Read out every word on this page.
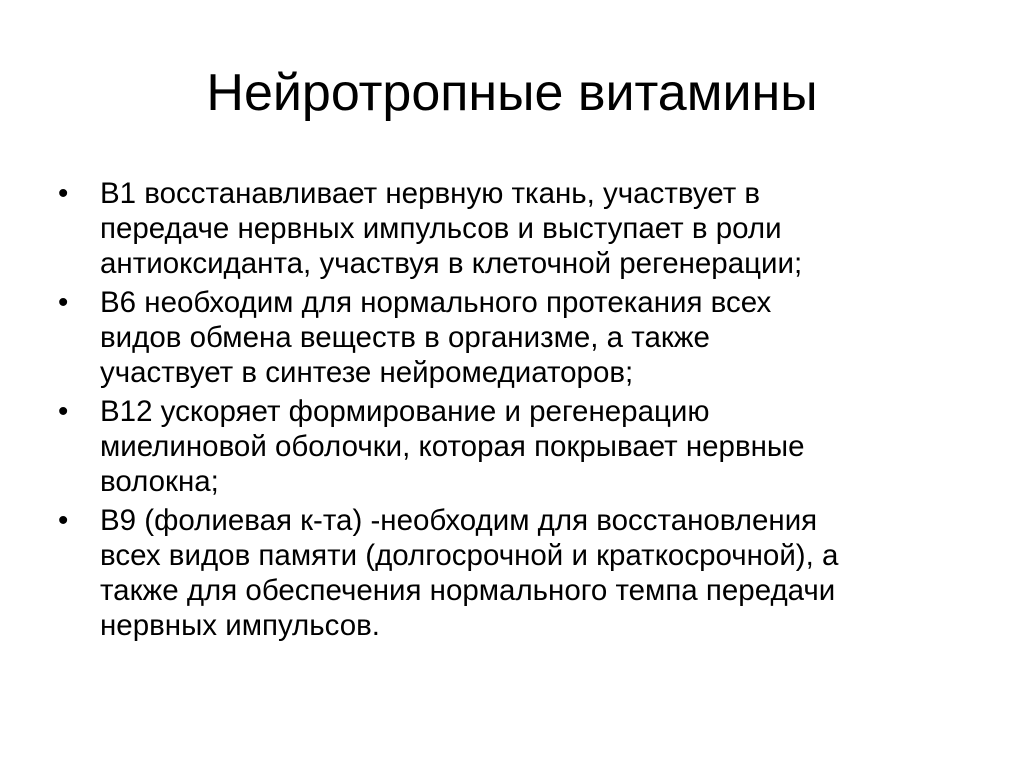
Нейротропные витамины
•	B1 восстанавливает нервную ткань, участвует в
передаче нервных импульсов и выступает в роли
антиоксиданта, участвуя в клеточной регенерации;
•	B6 необходим для нормального протекания всех
видов обмена веществ в организме, а также
участвует в синтезе нейромедиаторов;
•	B12 ускоряет формирование и регенерацию
миелиновой оболочки, которая покрывает нервные
волокна;
•	B9 (фолиевая к-та) -необходим для восстановления
всех видов памяти (долгосрочной и краткосрочной), а
также для обеспечения нормального темпа передачи
нервных импульсов.
